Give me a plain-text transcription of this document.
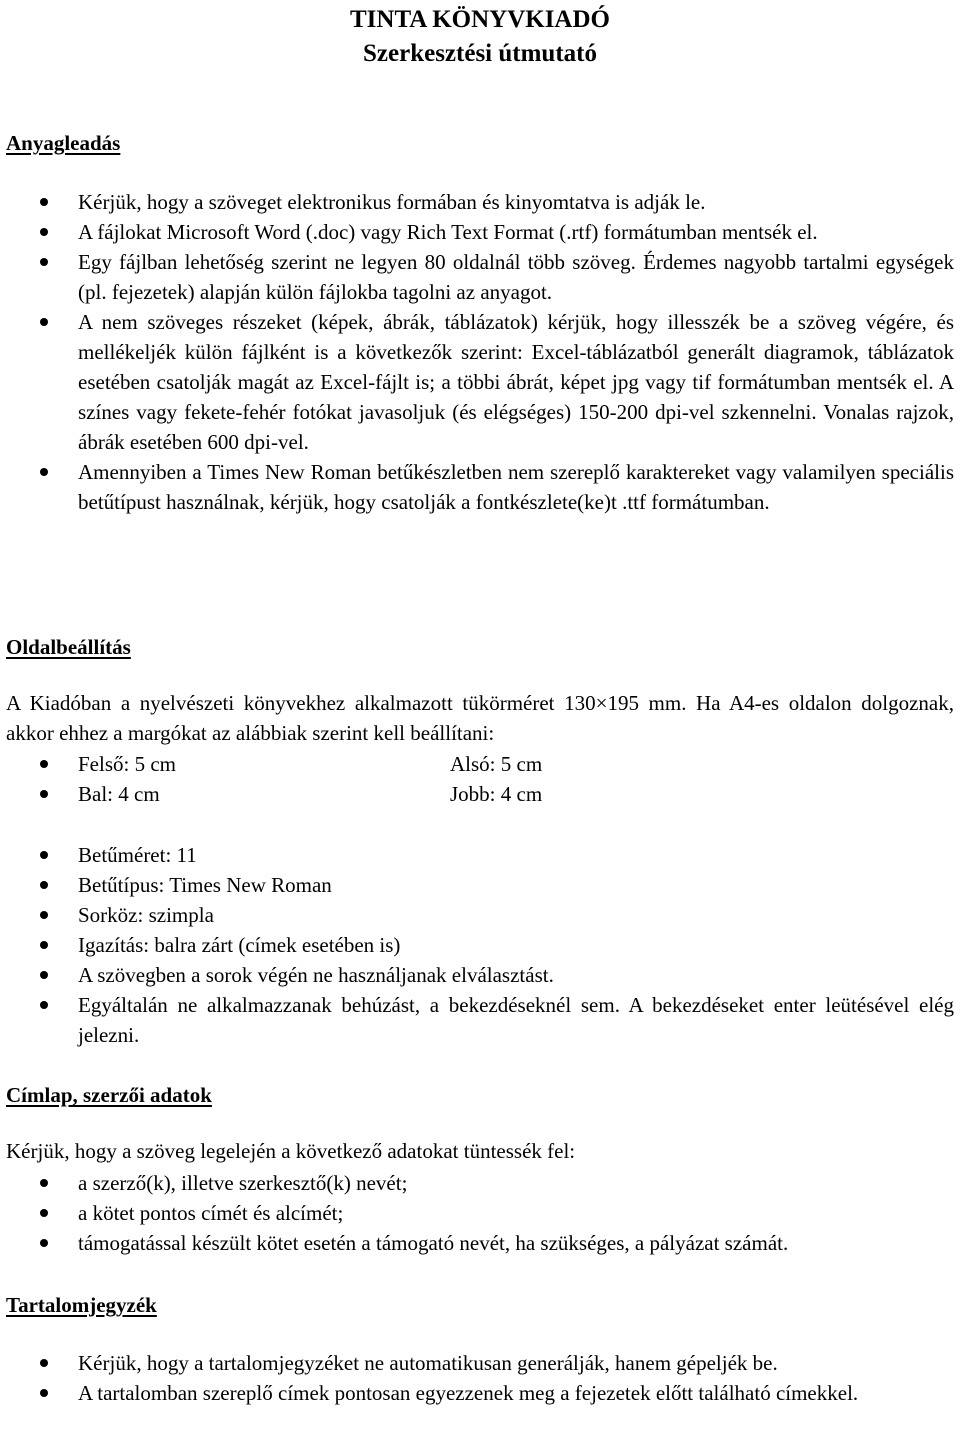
TINTA KÖNYVKIADÓ
Szerkesztési útmutató
Anyagleadás
Kérjük, hogy a szöveget elektronikus formában és kinyomtatva is adják le.
A fájlokat Microsoft Word (.doc) vagy Rich Text Format (.rtf) formátumban mentsék el.
Egy fájlban lehetőség szerint ne legyen 80 oldalnál több szöveg. Érdemes nagyobb tartalmi egységek (pl. fejezetek) alapján külön fájlokba tagolni az anyagot.
A nem szöveges részeket (képek, ábrák, táblázatok) kérjük, hogy illesszék be a szöveg végére, és mellékeljék külön fájlként is a következők szerint: Excel-táblázatból generált diagramok, táblázatok esetében csatolják magát az Excel-fájlt is; a többi ábrát, képet jpg vagy tif formátumban mentsék el. A színes vagy fekete-fehér fotókat javasoljuk (és elégséges) 150-200 dpi-vel szkennelni. Vonalas rajzok, ábrák esetében 600 dpi-vel.
Amennyiben a Times New Roman betűkészletben nem szereplő karaktereket vagy valamilyen speciális betűtípust használnak, kérjük, hogy csatolják a fontkészlete(ke)t .ttf formátumban.
Oldalbeállítás
A Kiadóban a nyelvészeti könyvekhez alkalmazott tükörméret 130×195 mm. Ha A4-es oldalon dolgoznak, akkor ehhez a margókat az alábbiak szerint kell beállítani:
Felső: 5 cm	Alsó: 5 cm
Bal: 4 cm	Jobb: 4 cm
Betűméret: 11
Betűtípus: Times New Roman
Sorköz: szimpla
Igazítás: balra zárt (címek esetében is)
A szövegben a sorok végén ne használjanak elválasztást.
Egyáltalán ne alkalmazzanak behúzást, a bekezdéseknél sem. A bekezdéseket enter leütésével elég jelezni.
Címlap, szerzői adatok
Kérjük, hogy a szöveg legelején a következő adatokat tüntessék fel:
a szerző(k), illetve szerkesztő(k) nevét;
a kötet pontos címét és alcímét;
támogatással készült kötet esetén a támogató nevét, ha szükséges, a pályázat számát.
Tartalomjegyzék
Kérjük, hogy a tartalomjegyzéket ne automatikusan generálják, hanem gépeljék be.
A tartalomban szereplő címek pontosan egyezzenek meg a fejezetek előtt található címekkel.
